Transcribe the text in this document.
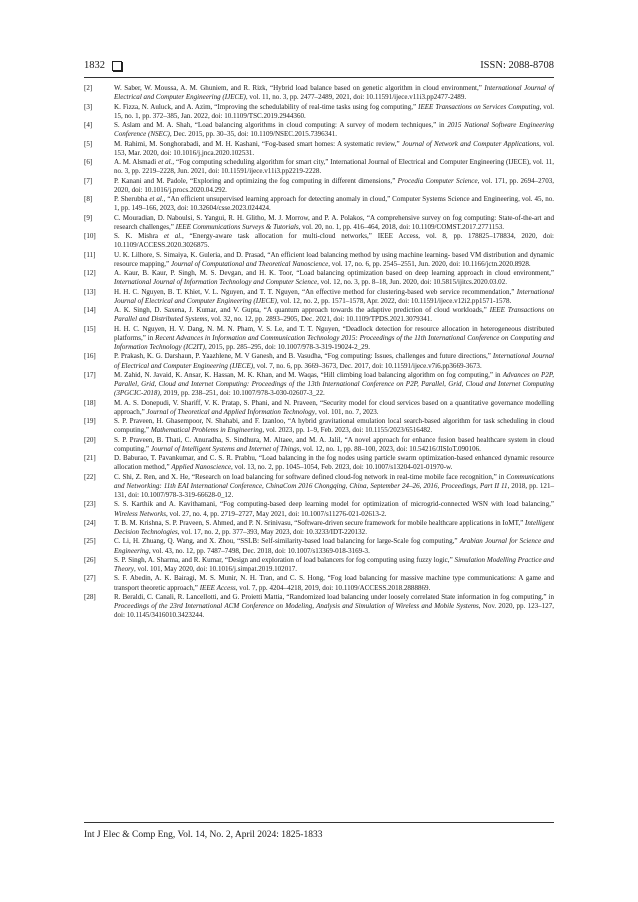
1832	ISSN: 2088-8708

[2]	W. Saber, W. Moussa, A. M. Ghuniem, and R. Rizk, “Hybrid load balance based on genetic algorithm in cloud environment,” International Journal of Electrical and Computer Engineering (IJECE), vol. 11, no. 3, pp. 2477–2489, 2021, doi: 10.11591/ijece.v11i3.pp2477-2489.

[3]	K. Fizza, N. Auluck, and A. Azim, “Improving the schedulability of real-time tasks using fog computing,” IEEE Transactions on Services Computing, vol. 15, no. 1, pp. 372–385, Jan. 2022, doi: 10.1109/TSC.2019.2944360.

[4]	S. Aslam and M. A. Shah, “Load balancing algorithms in cloud computing: A survey of modern techniques,” in 2015 National Software Engineering Conference (NSEC), Dec. 2015, pp. 30–35, doi: 10.1109/NSEC.2015.7396341.

[5]	M. Rahimi, M. Songhorabadi, and M. H. Kashani, “Fog-based smart homes: A systematic review,” Journal of Network and Computer Applications, vol. 153, Mar. 2020, doi: 10.1016/j.jnca.2020.102531.

[6]	A. M. Alsmadi et al., “Fog computing scheduling algorithm for smart city,” International Journal of Electrical and Computer Engineering (IJECE), vol. 11, no. 3, pp. 2219–2228, Jun. 2021, doi: 10.11591/ijece.v11i3.pp2219-2228.

[7]	P. Kanani and M. Padole, “Exploring and optimizing the fog computing in different dimensions,” Procedia Computer Science, vol. 171, pp. 2694–2703, 2020, doi: 10.1016/j.procs.2020.04.292.

[8]	P. Sherubha et al., “An efficient unsupervised learning approach for detecting anomaly in cloud,” Computer Systems Science and Engineering, vol. 45, no. 1, pp. 149–166, 2023, doi: 10.32604/csse.2023.024424.

[9]	C. Mouradian, D. Naboulsi, S. Yangui, R. H. Glitho, M. J. Morrow, and P. A. Polakos, “A comprehensive survey on fog computing: State-of-the-art and research challenges,” IEEE Communications Surveys & Tutorials, vol. 20, no. 1, pp. 416–464, 2018, doi: 10.1109/COMST.2017.2771153.

[10]	S. K. Mishra et al., “Energy-aware task allocation for multi-cloud networks,” IEEE Access, vol. 8, pp. 178825–178834, 2020, doi: 10.1109/ACCESS.2020.3026875.

[11]	U. K. Lilhore, S. Simaiya, K. Guleria, and D. Prasad, “An efficient load balancing method by using machine learning- based VM distribution and dynamic resource mapping,” Journal of Computational and Theoretical Nanoscience, vol. 17, no. 6, pp. 2545–2551, Jun. 2020, doi: 10.1166/jctn.2020.8928.

[12]	A. Kaur, B. Kaur, P. Singh, M. S. Devgan, and H. K. Toor, “Load balancing optimization based on deep learning approach in cloud environment,” International Journal of Information Technology and Computer Science, vol. 12, no. 3, pp. 8–18, Jun. 2020, doi: 10.5815/ijitcs.2020.03.02.

[13]	H. H. C. Nguyen, B. T. Khiet, V. L. Nguyen, and T. T. Nguyen, “An effective method for clustering-based web service recommendation,” International Journal of Electrical and Computer Engineering (IJECE), vol. 12, no. 2, pp. 1571–1578, Apr. 2022, doi: 10.11591/ijece.v12i2.pp1571-1578.

[14]	A. K. Singh, D. Saxena, J. Kumar, and V. Gupta, “A quantum approach towards the adaptive prediction of cloud workloads,” IEEE Transactions on Parallel and Distributed Systems, vol. 32, no. 12, pp. 2893–2905, Dec. 2021, doi: 10.1109/TPDS.2021.3079341.

[15]	H. H. C. Nguyen, H. V. Dang, N. M. N. Pham, V. S. Le, and T. T. Nguyen, “Deadlock detection for resource allocation in heterogeneous distributed platforms,” in Recent Advances in Information and Communication Technology 2015: Proceedings of the 11th International Conference on Computing and Information Technology (IC2IT), 2015, pp. 285–295, doi: 10.1007/978-3-319-19024-2_29.

[16]	P. Prakash, K. G. Darshaun, P. Yaazhlene, M. V Ganesh, and B. Vasudha, “Fog computing: Issues, challenges and future directions,” International Journal of Electrical and Computer Engineering (IJECE), vol. 7, no. 6, pp. 3669–3673, Dec. 2017, doi: 10.11591/ijece.v7i6.pp3669-3673.

[17]	M. Zahid, N. Javaid, K. Ansar, K. Hassan, M. K. Khan, and M. Waqas, “Hill climbing load balancing algorithm on fog computing,” in Advances on P2P, Parallel, Grid, Cloud and Internet Computing: Proceedings of the 13th International Conference on P2P, Parallel, Grid, Cloud and Internet Computing (3PGCIC-2018), 2019, pp. 238–251, doi: 10.1007/978-3-030-02607-3_22.

[18]	M. A. S. Donepudi, V. Shariff, V. K. Pratap, S. Phani, and N. Praveen, “Security model for cloud services based on a quantitative governance modelling approach,” Journal of Theoretical and Applied Information Technology, vol. 101, no. 7, 2023.

[19]	S. P. Praveen, H. Ghasempoor, N. Shahabi, and F. Izanloo, “A hybrid gravitational emulation local search-based algorithm for task scheduling in cloud computing,” Mathematical Problems in Engineering, vol. 2023, pp. 1–9, Feb. 2023, doi: 10.1155/2023/6516482.

[20]	S. P. Praveen, B. Thati, C. Anuradha, S. Sindhura, M. Altaee, and M. A. Jalil, “A novel approach for enhance fusion based healthcare system in cloud computing,” Journal of Intelligent Systems and Internet of Things, vol. 12, no. 1, pp. 88–100, 2023, doi: 10.54216/JISIoT.090106.

[21]	D. Baburao, T. Pavankumar, and C. S. R. Prabhu, “Load balancing in the fog nodes using particle swarm optimization-based enhanced dynamic resource allocation method,” Applied Nanoscience, vol. 13, no. 2, pp. 1045–1054, Feb. 2023, doi: 10.1007/s13204-021-01970-w.

[22]	C. Shi, Z. Ren, and X. He, “Research on load balancing for software defined cloud-fog network in real-time mobile face recognition,” in Communications and Networking: 11th EAI International Conference, ChinaCom 2016 Chongqing, China, September 24–26, 2016, Proceedings, Part II 11, 2018, pp. 121–131, doi: 10.1007/978-3-319-66628-0_12.

[23]	S. S. Karthik and A. Kavithamani, “Fog computing-based deep learning model for optimization of microgrid-connected WSN with load balancing,” Wireless Networks, vol. 27, no. 4, pp. 2719–2727, May 2021, doi: 10.1007/s11276-021-02613-2.

[24]	T. B. M. Krishna, S. P. Praveen, S. Ahmed, and P. N. Srinivasu, “Software-driven secure framework for mobile healthcare applications in IoMT,” Intelligent Decision Technologies, vol. 17, no. 2, pp. 377–393, May 2023, doi: 10.3233/IDT-220132.

[25]	C. Li, H. Zhuang, Q. Wang, and X. Zhou, “SSLB: Self-similarity-based load balancing for large-Scale fog computing,” Arabian Journal for Science and Engineering, vol. 43, no. 12, pp. 7487–7498, Dec. 2018, doi: 10.1007/s13369-018-3169-3.

[26]	S. P. Singh, A. Sharma, and R. Kumar, “Design and exploration of load balancers for fog computing using fuzzy logic,” Simulation Modelling Practice and Theory, vol. 101, May 2020, doi: 10.1016/j.simpat.2019.102017.

[27]	S. F. Abedin, A. K. Bairagi, M. S. Munir, N. H. Tran, and C. S. Hong, “Fog load balancing for massive machine type communications: A game and transport theoretic approach,” IEEE Access, vol. 7, pp. 4204–4218, 2019, doi: 10.1109/ACCESS.2018.2888869.

[28]	R. Beraldi, C. Canali, R. Lancellotti, and G. Proietti Mattia, “Randomized load balancing under loosely correlated State information in fog computing,” in Proceedings of the 23rd International ACM Conference on Modeling, Analysis and Simulation of Wireless and Mobile Systems, Nov. 2020, pp. 123–127, doi: 10.1145/3416010.3423244.

Int J Elec & Comp Eng, Vol. 14, No. 2, April 2024: 1825-1833
